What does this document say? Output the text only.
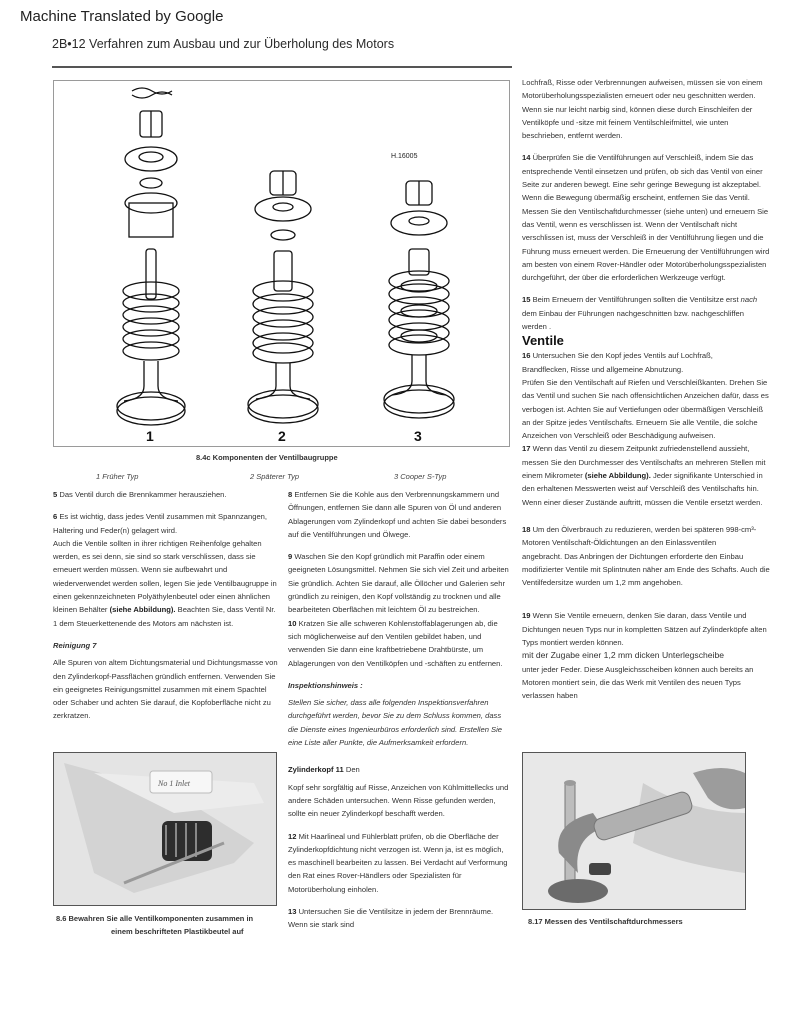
Machine Translated by Google
2B•12 Verfahren zum Ausbau und zur Überholung des Motors
H.16005
1	2	3
8.4c Komponenten der Ventilbaugruppe
1 Früher Typ	2 Späterer Typ	3 Cooper S-Typ

5 Das Ventil durch die Brennkammer herausziehen.

6 Es ist wichtig, dass jedes Ventil zusammen mit Spannzangen, Haltering und Feder(n) gelagert wird.
Auch die Ventile sollten in ihrer richtigen Reihenfolge gehalten werden, es sei denn, sie sind so stark verschlissen, dass sie erneuert werden müssen. Wenn sie aufbewahrt und wiederverwendet werden sollen, legen Sie jede Ventilbaugruppe in einen gekennzeichneten Polyäthylenbeutel oder einen ähnlichen kleinen Behälter (siehe Abbildung). Beachten Sie, dass Ventil Nr. 1 dem Steuerkettenende des Motors am nächsten ist.

Reinigung 7

Alle Spuren von altem Dichtungsmaterial und Dichtungsmasse von den Zylinderkopf-Passflächen gründlich entfernen. Verwenden Sie ein geeignetes Reinigungsmittel zusammen mit einem Spachtel oder Schaber und achten Sie darauf, die Kopfoberfläche nicht zu zerkratzen.

No 1 Inlet
8.6 Bewahren Sie alle Ventilkomponenten zusammen in
einem beschrifteten Plastikbeutel auf

8 Entfernen Sie die Kohle aus den Verbrennungskammern und Öffnungen, entfernen Sie dann alle Spuren von Öl und anderen Ablagerungen vom Zylinderkopf und achten Sie dabei besonders auf die Ventilführungen und Ölwege.

9 Waschen Sie den Kopf gründlich mit Paraffin oder einem geeigneten Lösungsmittel. Nehmen Sie sich viel Zeit und arbeiten Sie gründlich. Achten Sie darauf, alle Öllöcher und Galerien sehr gründlich zu reinigen, den Kopf vollständig zu trocknen und alle bearbeiteten Oberflächen mit leichtem Öl zu bestreichen.

10 Kratzen Sie alle schweren Kohlenstoffablagerungen ab, die sich möglicherweise auf den Ventilen gebildet haben, und verwenden Sie dann eine kraftbetriebene Drahtbürste, um Ablagerungen von den Ventilköpfen und -schäften zu entfernen.

Inspektionshinweis :

Stellen Sie sicher, dass alle folgenden Inspektionsverfahren durchgeführt werden, bevor Sie zu dem Schluss kommen, dass die Dienste eines Ingenieurbüros erforderlich sind. Erstellen Sie eine Liste aller Punkte, die Aufmerksamkeit erfordern.

Zylinderkopf 11 Den

Kopf sehr sorgfältig auf Risse, Anzeichen von Kühlmittellecks und andere Schäden untersuchen. Wenn Risse gefunden werden, sollte ein neuer Zylinderkopf beschafft werden.

12 Mit Haarlineal und Fühlerblatt prüfen, ob die Oberfläche der Zylinderkopfdichtung nicht verzogen ist. Wenn ja, ist es möglich, es maschinell bearbeiten zu lassen. Bei Verdacht auf Verformung den Rat eines Rover-Händlers oder Spezialisten für

Motorüberholung einholen.

13 Untersuchen Sie die Ventilsitze in jedem der Brennräume.
Wenn sie stark sind

Lochfraß, Risse oder Verbrennungen aufweisen, müssen sie von einem Motorüberholungsspezialisten erneuert oder neu geschnitten werden. Wenn sie nur leicht narbig sind, können diese durch Einschleifen der Ventilköpfe und -sitze mit feinem Ventilschleifmittel, wie unten beschrieben, entfernt werden.

14 Überprüfen Sie die Ventilführungen auf Verschleiß, indem Sie das entsprechende Ventil einsetzen und prüfen, ob sich das Ventil von einer Seite zur anderen bewegt. Eine sehr geringe Bewegung ist akzeptabel. Wenn die Bewegung übermäßig erscheint, entfernen Sie das Ventil. Messen Sie den Ventilschaftdurchmesser (siehe unten) und erneuern Sie das Ventil, wenn es verschlissen ist. Wenn der Ventilschaft nicht verschlissen ist, muss der Verschleiß in der Ventilführung liegen und die Führung muss erneuert werden. Die Erneuerung der Ventilführungen wird am besten von einem Rover-Händler oder Motorüberholungsspezialisten durchgeführt, der über die erforderlichen Werkzeuge verfügt.

15 Beim Erneuern der Ventilführungen sollten die Ventilsitze erst nach dem Einbau der Führungen nachgeschnitten bzw. nachgeschliffen werden .

Ventile

16 Untersuchen Sie den Kopf jedes Ventils auf Lochfraß,
Brandflecken, Risse und allgemeine Abnutzung.
Prüfen Sie den Ventilschaft auf Riefen und Verschleißkanten. Drehen Sie das Ventil und suchen Sie nach offensichtlichen Anzeichen dafür, dass es verbogen ist. Achten Sie auf Vertiefungen oder übermäßigen Verschleiß an der Spitze jedes Ventilschafts. Erneuern Sie alle Ventile, die solche Anzeichen von Verschleiß oder Beschädigung aufweisen.

17 Wenn das Ventil zu diesem Zeitpunkt zufriedenstellend aussieht, messen Sie den Durchmesser des Ventilschafts an mehreren Stellen mit einem Mikrometer (siehe Abbildung). Jeder signifikante Unterschied in den erhaltenen Messwerten weist auf Verschleiß des Ventilschafts hin. Wenn einer dieser Zustände auftritt, müssen die Ventile ersetzt werden.

18 Um den Ölverbrauch zu reduzieren, werden bei späteren 998-cm³-Motoren Ventilschaft-Öldichtungen an den Einlassventilen
angebracht. Das Anbringen der Dichtungen erforderte den Einbau modifizierter Ventile mit Splintnuten näher am Ende des Schafts. Auch die Ventilfedersitze wurden um 1,2 mm angehoben.

19 Wenn Sie Ventile erneuern, denken Sie daran, dass Ventile und Dichtungen neuen Typs nur in kompletten Sätzen auf Zylinderköpfe alten Typs montiert werden können.
mit der Zugabe einer 1,2 mm dicken Unterlegscheibe
unter jeder Feder. Diese Ausgleichsscheiben können auch bereits an Motoren montiert sein, die das Werk mit Ventilen des neuen Typs verlassen haben

8.17 Messen des Ventilschaftdurchmessers
